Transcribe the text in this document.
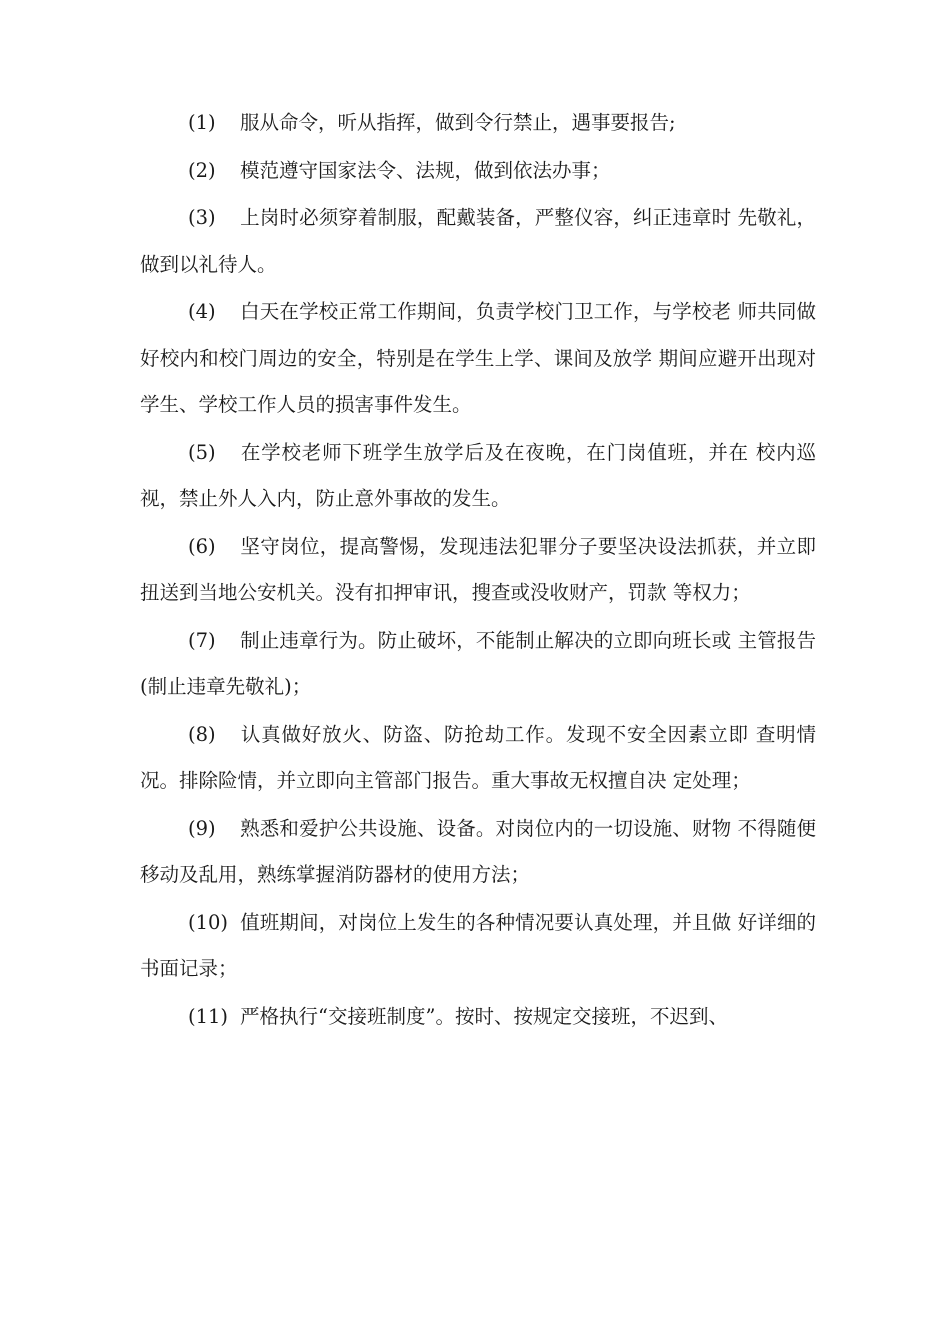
(1) 服从命令，听从指挥，做到令行禁止，遇事要报告;

(2) 模范遵守国家法令、法规，做到依法办事；

(3) 上岗时必须穿着制服，配戴装备，严整仪容，纠正违章时 先敬礼，做到以礼待人。

(4) 白天在学校正常工作期间，负责学校门卫工作，与学校老 师共同做好校内和校门周边的安全，特别是在学生上学、课间及放学 期间应避开出现对学生、学校工作人员的损害事件发生。

(5) 在学校老师下班学生放学后及在夜晚，在门岗值班，并在 校内巡视，禁止外人入内，防止意外事故的发生。

(6) 坚守岗位，提高警惕，发现违法犯罪分子要坚决设法抓获，并立即扭送到当地公安机关。没有扣押审讯，搜查或没收财产，罚款 等权力；

(7) 制止违章行为。防止破坏，不能制止解决的立即向班长或 主管报告(制止违章先敬礼)；

(8) 认真做好放火、防盗、防抢劫工作。发现不安全因素立即 查明情况。排除险情，并立即向主管部门报告。重大事故无权擅自决 定处理；

(9) 熟悉和爱护公共设施、设备。对岗位内的一切设施、财物 不得随便移动及乱用，熟练掌握消防器材的使用方法；

(10) 值班期间，对岗位上发生的各种情况要认真处理，并且做 好详细的书面记录；

(11) 严格执行“交接班制度”。按时、按规定交接班，不迟到、
